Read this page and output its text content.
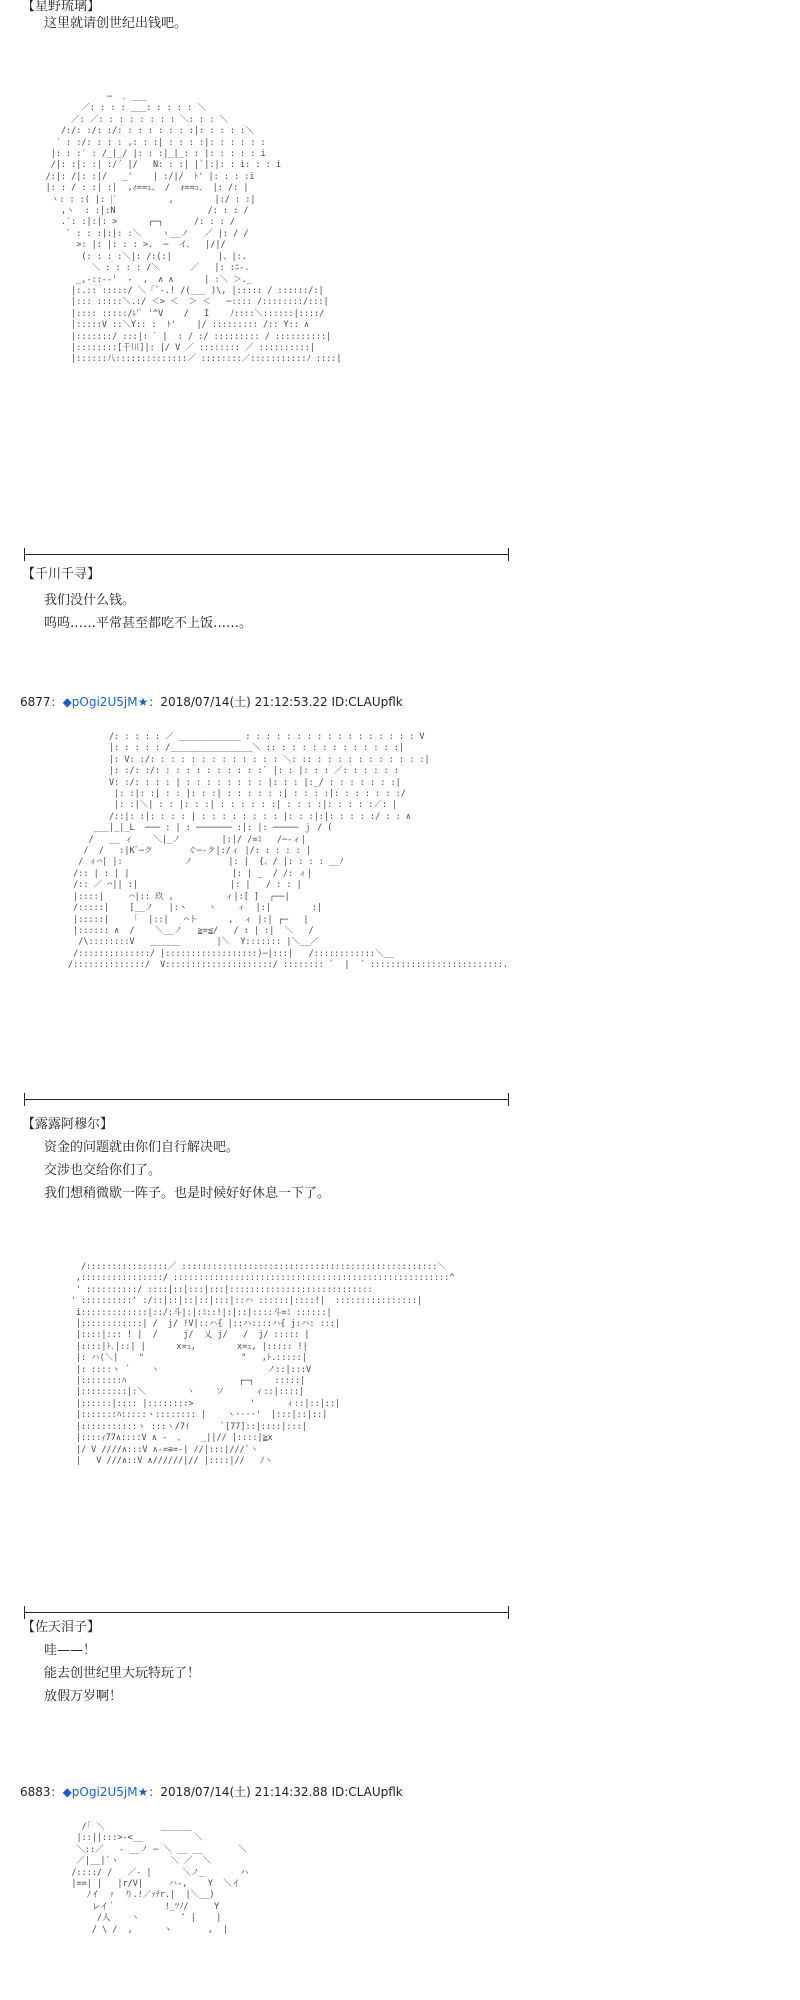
【星野琉璃】
这里就请创世纪出钱吧。
─  ､ ___
／: : : : ___: : : : : ＼
／: ／: : : : : : : : ＼: : : ＼
/:/: :/: :/: : : : : : : :|: : : : :＼
′ : :/: : : : ,: : :| : : : :|: : : : : :
|: : :′ : /_|_/ |: : :|_|_: : |: : : : : i
/|: :|: :| :/´ |/   N: : :| |`|:|: : i: : : i
/:|: /|: :|/   _'    | :/|/  ﾄ' |: : : :i
|: : / : :| :|  ,ｨ==ｭ、 /  ｫ==ｭ、 |: /: |
ヽ: : :( |: |ﾞ          ,        |:/ : :|
,ヽ  : :|:N                  /: : : /
.′: :|:|: >      ┌─┐      /: : : /
` : : :|:|: :＼    ヽ__ノ   ／ |: / /
>: |: |: : : >.  ─  イ、  |/|/
(: : : :＼|: /:(:|         |、|:.
＼ : : : : /＼      ／   |: :ﾆ-.
_,-::--'  -  ,  ∧ ∧      | :＼ ＞._
|:.:: :::::/ ＼「`-.! /(___ )\, |::::: / ::::::/:|
|::: :::::＼.:/ ＜> ＜  ＞ ＜   ─:::: /::::::::/:::|
|:::: :::::/ﾚ'ﾞ '^V    /   I    ﾉ::::＼::::::|::::/
|:::::V ::＼Y:: :  ﾄ'    |/ ::::::::: /:: Y:: ∧
|:::::::/ :::|: ﾞ |  : / :/ ::::::::: / ::::::::::|
|::::::::[千川]|: |/ V ／ :::::::: ／ ::::::::::|
|::::::八::::::::::::::／ ::::::::／:::::::::::ﾉ ::::|
【千川千寻】
我们没什么钱。
呜呜……平常甚至都吃不上饭……。
6877：◆pOgi2U5jM★：2018/07/14(土) 21:12:53.22 ID:CLAUpflk
/: : : : : ／ ____________ : : : : : : : : : : : : : : : : : V
|: : : : : /________________＼ :: : : : : : : : : : : : :|
|: V: :/: : : : : : : : : : : : : ＼: :: : : : : : : : : : : :|
|: :/: :/: : : : : : : : : : :` |: : |: : : ／: : : : : :
V: :/: : : : | : : : : : : : : |: : : |:_/ : : : : : : :|
|: :|: :| : : |: : :| : : : : : :| : : : :|: : : : : : :/
|: :|＼| : : |: : :| : : : : : :| : : : :|: : : : :／: |
/::|: :|: : : : | : : : : : : : : |: : :|:|: : : : :/ : : ∧
___|_|_L  ─── : | : ─────── :|: |: ───── ｊ / (
/   __ ィ    ＼|_ノ        |:|/ /=ﾐ   /─-ィ|
/  /   :|Kﾞ─ク       ぐ─-ク|:/ィ |/: : : : : |
/ ィ⌒| |:            ノ       |: |  {、/ |: : : : __ﾉ
/:: | : | |                    |: | _  / /: ィ|
/:: ／ ⌒|| :|                  |: |   / : : |
|::::|     ⌒|:: 玖 ,          ィ|:[ ]  ┌──|
/:::::|    [__ノ   |:ヽ    ヽ    ィ  |:|        :|
|:::::|    「  |::|   ⌒ト      ,  ィ |:| ┌─   |
|:::::: ∧  /    ＼__ノ   ≧=≦/   / : | :|  ＼   /
/\::::::::V   ______       |＼  Y::::::: |＼__／
/::::::::::::::/ |::::::::::::::::::)─|:::|   /::::::::::::＼__
/::::::::::::::/  V:::::::::::::::::::::/ :::::::: `  |  ´ ::::::::::::::::::::::::::.
【露露阿穆尔】
资金的问题就由你们自行解决吧。
交涉也交给你们了。
我们想稍微歇一阵子。也是时候好好休息一下了。
/::::::::::::::::／ ::::::::::::::::::::::::::::::::::::::::::::::::::＼
,::::::::::::::::/ ::::::::::::::::::::::::::::::::::::::::::::::::::::::^
' ::::::::::/ ::::|::|:::|:::|::::::::::::::::::::::::::::
' ::::::::::' :/::|::|::|::|:::|::ハ ::::::|::::!|  ::::::::::::::::|
i:::::::::::::|::/:斗|:|:ﾐ::!|:|::|::::斗=ﾐ ::::::|
|::::::::::::| /  j/ !V|::ハ{ |::ハ::::ハ{ j:ハ: :::|
|::::|::: ! |  /     j/  乂 j/   /  j/ ::::: |
|::::|ﾄ､|::| |      x=ｭ,        x=ｭ, |::::: !|
|: ハ(＼|    "                   "   ,ﾄ.:::::|
|: ::::ヽ `    ヽ                     ノ::|:::V
|::::::::ﾊ                      ┌─┐    :::::|
|:::::::::|:＼        ヽ    ソ      ィ::|::::|
|::::::|:::: |::::::::>           '      ィ::|::|::|
|:::::::ﾊ:::::ヽ:::::::: |    ヽ····'  |:::|::|::|
|:::::::::::ヽ :::ヽ/7ｲ      `[77]::|::::|:::|
|::::ｨ77∧::::V ∧ -  、   _||// |::::|≧x
|/ V ////∧:::V ∧-=≡=-| //|:::|///`ヽ
|   V ///∧::V ∧//////|// |::::|//   ﾉヽ
【佐天泪子】
哇——！
能去创世纪里大玩特玩了！
放假万岁啊！
6883：◆pOgi2U5jM★：2018/07/14(土) 21:14:32.88 ID:CLAUpflk
/｢ ＼           ______
|::||:::>-<__          ＼
＼::／   ‐ __ノ ─ ＼ __ __       ＼
／|__|`ヽ          ＼ ／  ＼
/::::/ /   ／- |      ＼ノ_       ハ
|==| |   |r/V|     ハ-,    Y  ＼イ
ﾉイ  ｧ  り.!／ｧﾃr.|  |＼__)
レイ´          !_ﾂﾉ/     Y
/人    ヽ        ″ |    |
/ \ /  ,      ヽ       ,  |
